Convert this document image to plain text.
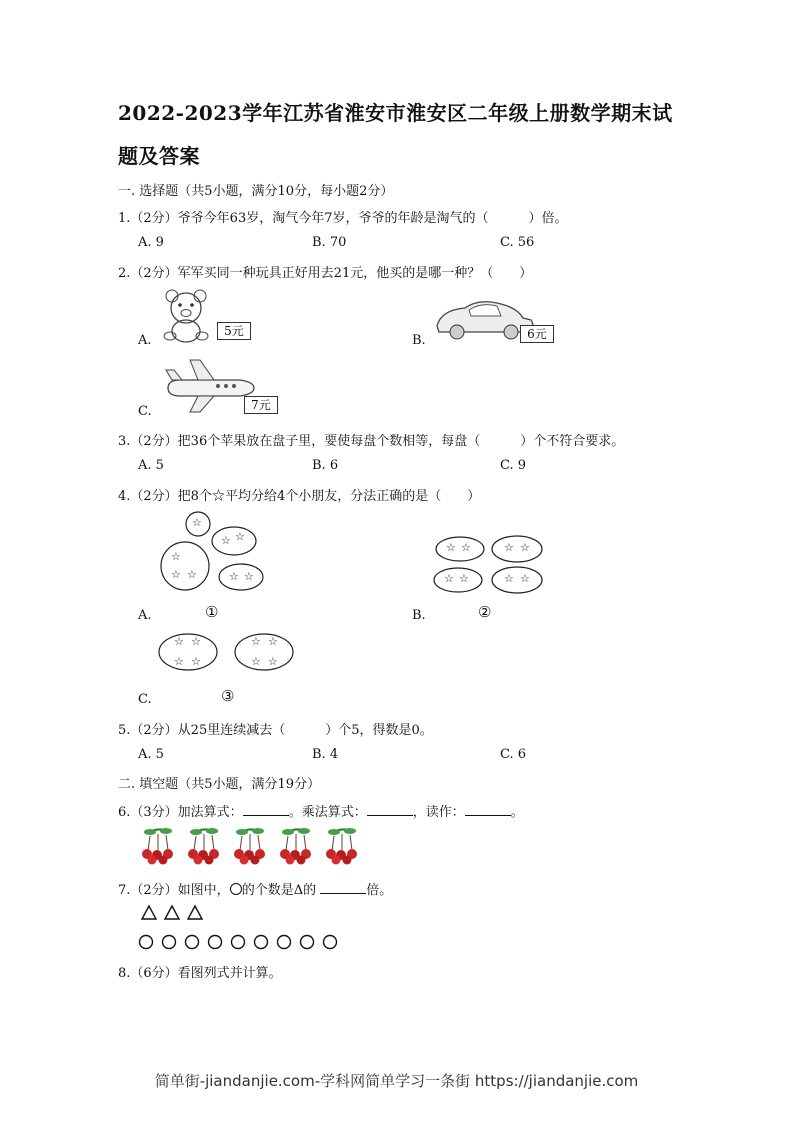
2022-2023学年江苏省淮安市淮安区二年级上册数学期末试
题及答案
一. 选择题（共5小题，满分10分，每小题2分）
1.（2分）爷爷今年63岁，淘气今年7岁，爷爷的年龄是淘气的（	）倍。
A. 9	B. 70	C. 56
2.（2分）军军买同一种玩具正好用去21元，他买的是哪一种？（　　）
A.	B.
C.
5元	6元
7元
3.（2分）把36个苹果放在盘子里，要使每盘个数相等，每盘（	）个不符合要求。
A. 5	B. 6	C. 9
4.（2分）把8个☆平均分给4个小朋友，分法正确的是（　　）
☆
☆ ☆
☆
☆ ☆	☆ ☆
☆ ☆	☆ ☆
☆ ☆	☆ ☆
☆ ☆
☆ ☆
☆ ☆
☆ ☆
A.	①	B.	②
C.	③
5.（2分）从25里连续减去（	）个5，得数是0。
A. 5	B. 4	C. 6
二. 填空题（共5小题，满分19分）
6.（3分）加法算式：	。乘法算式：	，读作：	。
7.（2分）如图中， 的个数是Δ的	倍。
8.（6分）看图列式并计算。
简单街-jiandanjie.com-学科网简单学习一条街 https://jiandanjie.com
